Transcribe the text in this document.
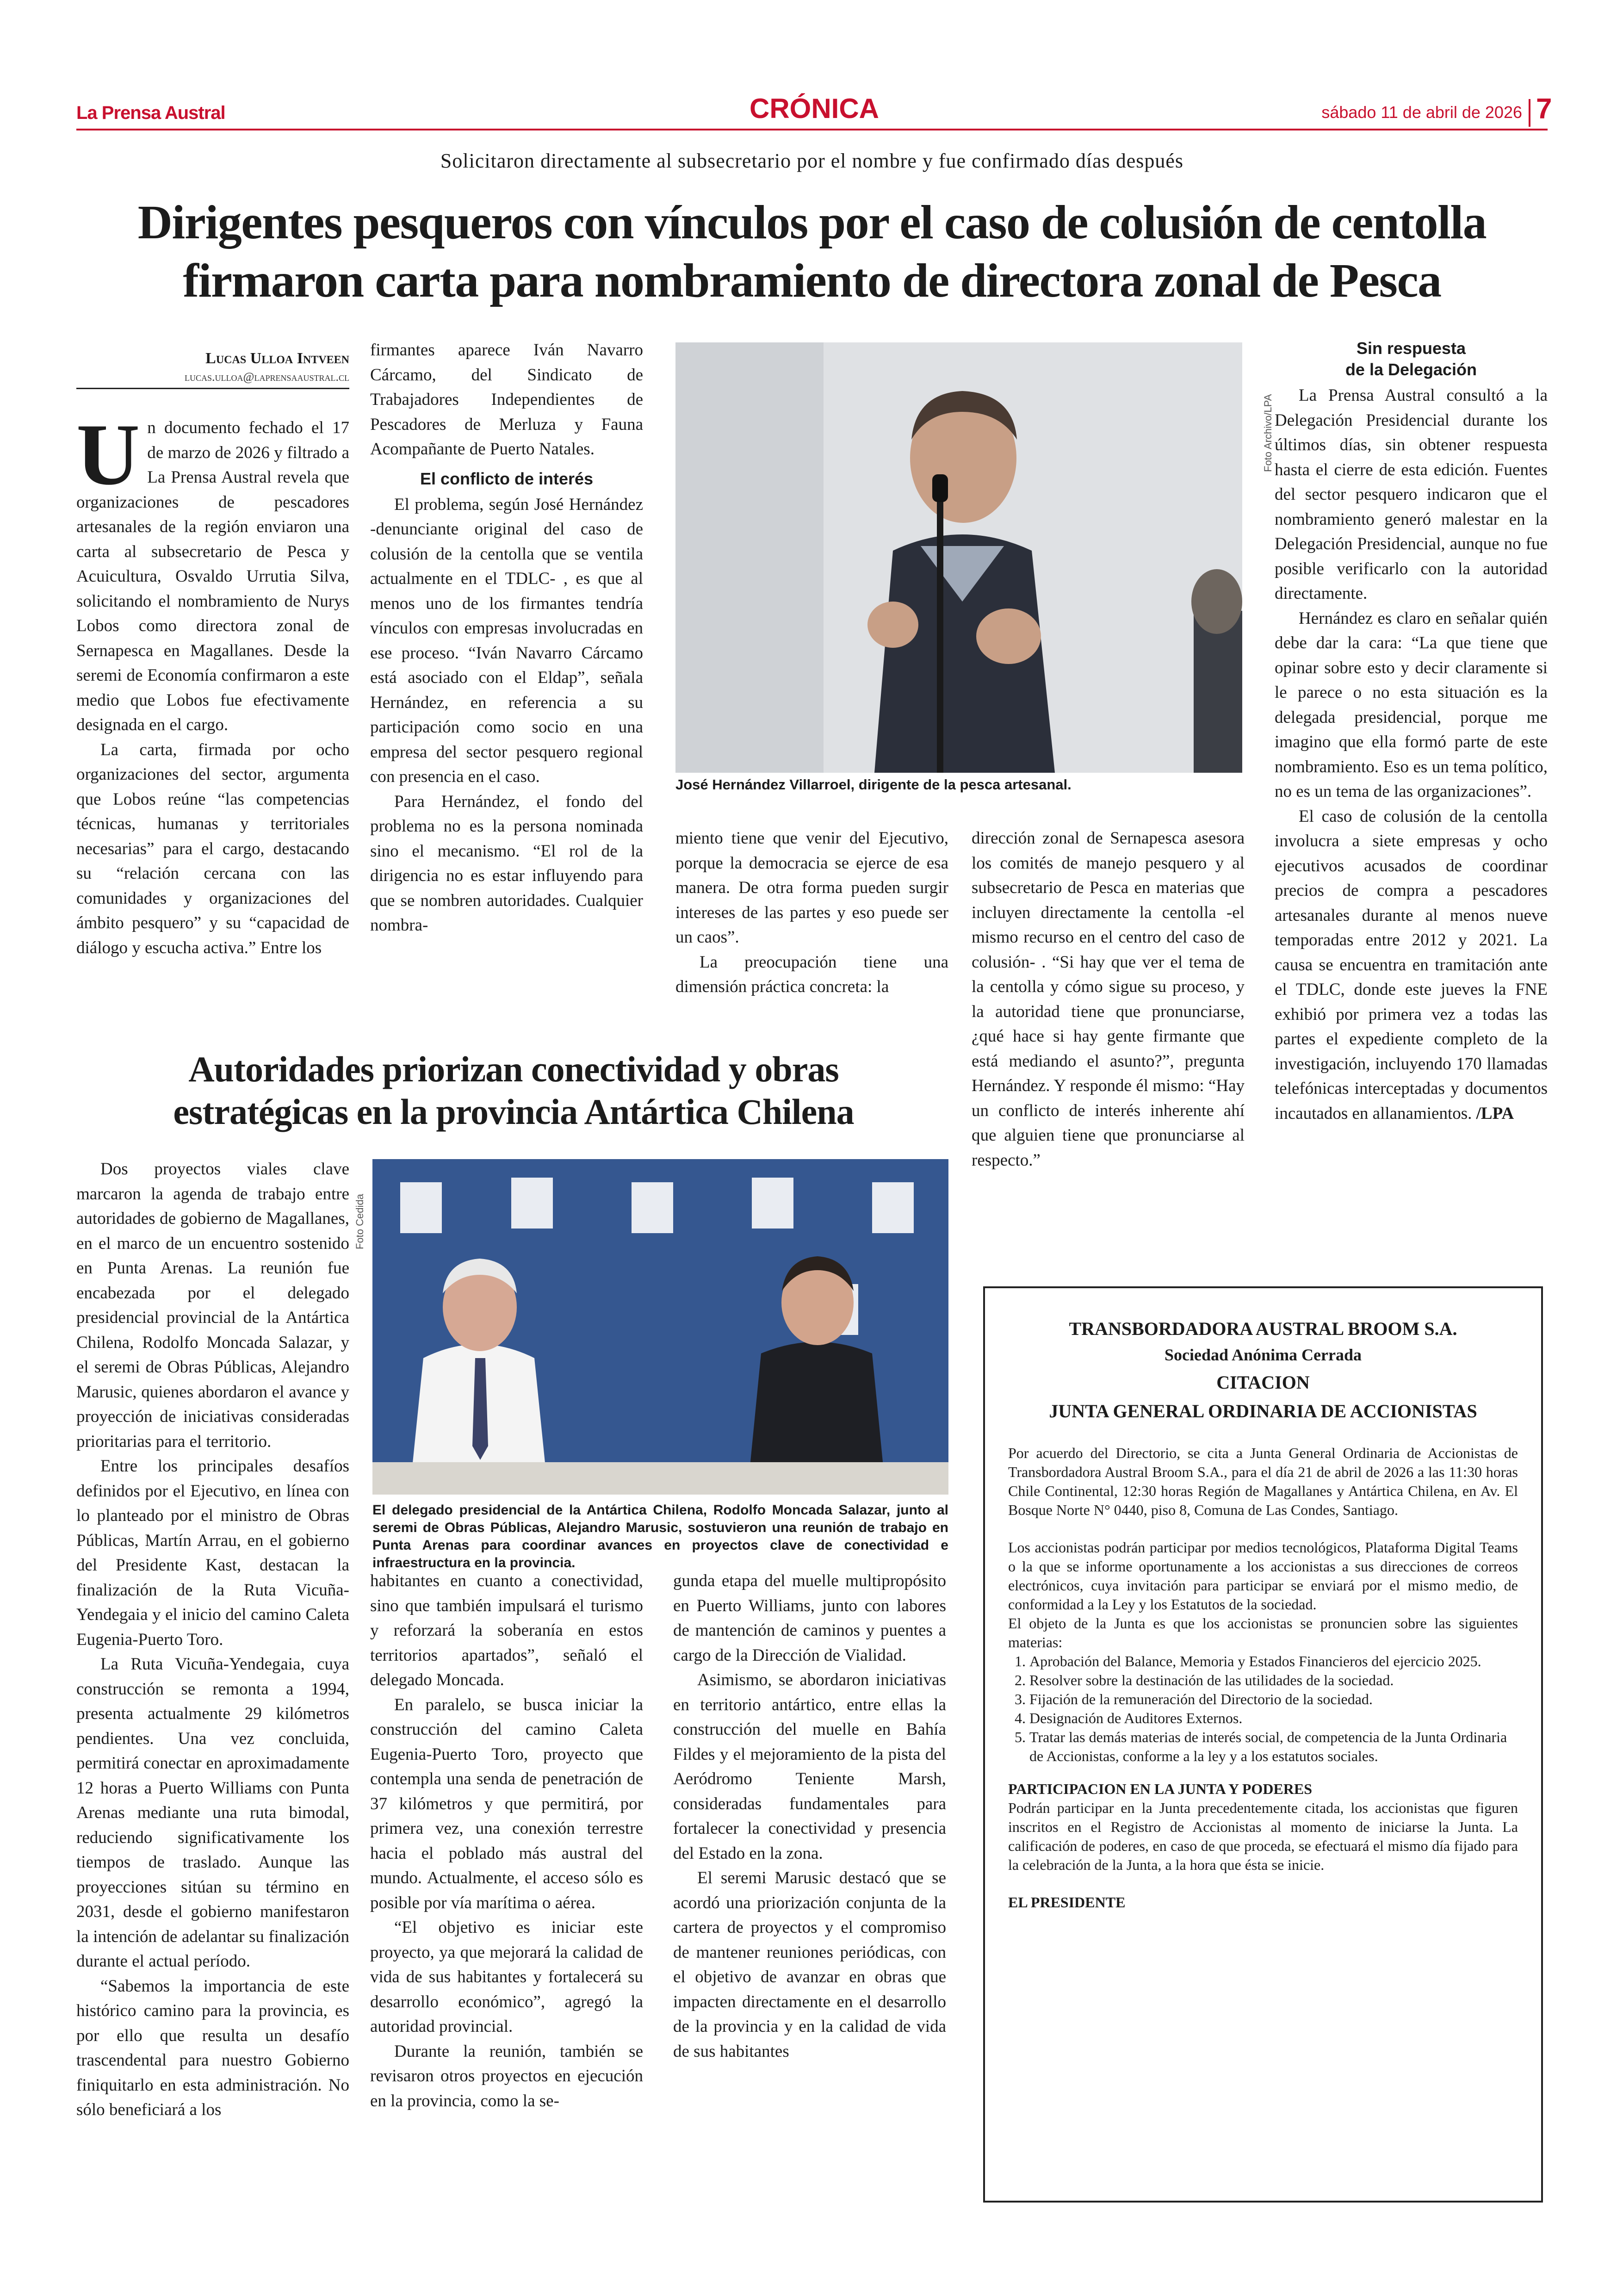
La Prensa Austral	CRÓNICA	sábado 11 de abril de 2026 7
Solicitaron directamente al subsecretario por el nombre y fue confirmado días después
Dirigentes pesqueros con vínculos por el caso de colusión de centolla
firmaron carta para nombramiento de directora zonal de Pesca
Lucas Ulloa Intveen
lucas.ulloa@laprensaaustral.cl
U n documento fechado el 17 de marzo de 2026 y filtrado a La Prensa Austral revela que organizaciones de pescadores artesanales de la región enviaron una carta al subsecretario de Pesca y Acuicultura, Osvaldo Urrutia Silva, solicitando el nombramiento de Nurys Lobos como directora zonal de Sernapesca en Magallanes. Desde la seremi de Economía confirmaron a este medio que Lobos fue efectivamente designada en el cargo.

La carta, firmada por ocho organizaciones del sector, argumenta que Lobos reúne “las competencias técnicas, humanas y territoriales necesarias” para el cargo, destacando su “relación cercana con las comunidades y organizaciones del ámbito pesquero” y su “capacidad de diálogo y escucha activa.” Entre los

firmantes aparece Iván Navarro Cárcamo, del Sindicato de Trabajadores Independientes de Pescadores de Merluza y Fauna Acompañante de Puerto Natales.

El conflicto de interés

El problema, según José Hernández -denunciante original del caso de colusión de la centolla que se ventila actualmente en el TDLC- , es que al menos uno de los firmantes tendría vínculos con empresas involucradas en ese proceso. “Iván Navarro Cárcamo está asociado con el Eldap”, señala Hernández, en referencia a su participación como socio en una empresa del sector pesquero regional con presencia en el caso.

Para Hernández, el fondo del problema no es la persona nominada sino el mecanismo. “El rol de la dirigencia no es estar influyendo para que se nombren autoridades. Cualquier nombra-

Foto Archivo/LPA
José Hernández Villarroel, dirigente de la pesca artesanal.

miento tiene que venir del Ejecutivo, porque la democracia se ejerce de esa manera. De otra forma pueden surgir intereses de las partes y eso puede ser un caos”.

La preocupación tiene una dimensión práctica concreta: la

dirección zonal de Sernapesca asesora los comités de manejo pesquero y al subsecretario de Pesca en materias que incluyen directamente la centolla -el mismo recurso en el centro del caso de colusión- . “Si hay que ver el tema de la centolla y cómo sigue su proceso, y la autoridad tiene que pronunciarse, ¿qué hace si hay gente firmante que está mediando el asunto?”, pregunta Hernández. Y responde él mismo: “Hay un conflicto de interés inherente ahí que alguien tiene que pronunciarse al respecto.”

Sin respuesta
de la Delegación

La Prensa Austral consultó a la Delegación Presidencial durante los últimos días, sin obtener respuesta hasta el cierre de esta edición. Fuentes del sector pesquero indicaron que el nombramiento generó malestar en la Delegación Presidencial, aunque no fue posible verificarlo con la autoridad directamente.

Hernández es claro en señalar quién debe dar la cara: “La que tiene que opinar sobre esto y decir claramente si le parece o no esta situación es la delegada presidencial, porque me imagino que ella formó parte de este nombramiento. Eso es un tema político, no es un tema de las organizaciones”.

El caso de colusión de la centolla involucra a siete empresas y ocho ejecutivos acusados de coordinar precios de compra a pescadores artesanales durante al menos nueve temporadas entre 2012 y 2021. La causa se encuentra en tramitación ante el TDLC, donde este jueves la FNE exhibió por primera vez a todas las partes el expediente completo de la investigación, incluyendo 170 llamadas telefónicas interceptadas y documentos incautados en allanamientos. /LPA

Autoridades priorizan conectividad y obras
estratégicas en la provincia Antártica Chilena

Dos proyectos viales clave marcaron la agenda de trabajo entre autoridades de gobierno de Magallanes, en el marco de un encuentro sostenido en Punta Arenas. La reunión fue encabezada por el delegado presidencial provincial de la Antártica Chilena, Rodolfo Moncada Salazar, y el seremi de Obras Públicas, Alejandro Marusic, quienes abordaron el avance y proyección de iniciativas consideradas prioritarias para el territorio.

Entre los principales desafíos definidos por el Ejecutivo, en línea con lo planteado por el ministro de Obras Públicas, Martín Arrau, en el gobierno del Presidente Kast, destacan la finalización de la Ruta Vicuña-Yendegaia y el inicio del camino Caleta Eugenia-Puerto Toro.

La Ruta Vicuña-Yendegaia, cuya construcción se remonta a 1994, presenta actualmente 29 kilómetros pendientes. Una vez concluida, permitirá conectar en aproximadamente 12 horas a Puerto Williams con Punta Arenas mediante una ruta bimodal, reduciendo significativamente los tiempos de traslado. Aunque las proyecciones sitúan su término en 2031, desde el gobierno manifestaron la intención de adelantar su finalización durante el actual período.

“Sabemos la importancia de este histórico camino para la provincia, es por ello que resulta un desafío trascendental para nuestro Gobierno finiquitarlo en esta administración. No sólo beneficiará a los

Foto Cedida
El delegado presidencial de la Antártica Chilena, Rodolfo Moncada Salazar, junto al seremi de Obras Públicas, Alejandro Marusic, sostuvieron una reunión de trabajo en Punta Arenas para coordinar avances en proyectos clave de conectividad e infraestructura en la provincia.

habitantes en cuanto a conectividad, sino que también impulsará el turismo y reforzará la soberanía en estos territorios apartados”, señaló el delegado Moncada.

En paralelo, se busca iniciar la construcción del camino Caleta Eugenia-Puerto Toro, proyecto que contempla una senda de penetración de 37 kilómetros y que permitirá, por primera vez, una conexión terrestre hacia el poblado más austral del mundo. Actualmente, el acceso sólo es posible por vía marítima o aérea.

“El objetivo es iniciar este proyecto, ya que mejorará la calidad de vida de sus habitantes y fortalecerá su desarrollo económico”, agregó la autoridad provincial.

Durante la reunión, también se revisaron otros proyectos en ejecución en la provincia, como la se-

gunda etapa del muelle multipropósito en Puerto Williams, junto con labores de mantención de caminos y puentes a cargo de la Dirección de Vialidad.

Asimismo, se abordaron iniciativas en territorio antártico, entre ellas la construcción del muelle en Bahía Fildes y el mejoramiento de la pista del Aeródromo Teniente Marsh, consideradas fundamentales para fortalecer la conectividad y presencia del Estado en la zona.

El seremi Marusic destacó que se acordó una priorización conjunta de la cartera de proyectos y el compromiso de mantener reuniones periódicas, con el objetivo de avanzar en obras que impacten directamente en el desarrollo de la provincia y en la calidad de vida de sus habitantes

TRANSBORDADORA AUSTRAL BROOM S.A.
Sociedad Anónima Cerrada
CITACION
JUNTA GENERAL ORDINARIA DE ACCIONISTAS

Por acuerdo del Directorio, se cita a Junta General Ordinaria de Accionistas de Transbordadora Austral Broom S.A., para el día 21 de abril de 2026 a las 11:30 horas Chile Continental, 12:30 horas Región de Magallanes y Antártica Chilena, en Av. El Bosque Norte N° 0440, piso 8, Comuna de Las Condes, Santiago.

Los accionistas podrán participar por medios tecnológicos, Plataforma Digital Teams o la que se informe oportunamente a los accionistas a sus direcciones de correos electrónicos, cuya invitación para participar se enviará por el mismo medio, de conformidad a la Ley y los Estatutos de la sociedad.

El objeto de la Junta es que los accionistas se pronuncien sobre las siguientes materias:

1. Aprobación del Balance, Memoria y Estados Financieros del ejercicio 2025.
2. Resolver sobre la destinación de las utilidades de la sociedad.
3. Fijación de la remuneración del Directorio de la sociedad.
4. Designación de Auditores Externos.
5. Tratar las demás materias de interés social, de competencia de la Junta Ordinaria de Accionistas, conforme a la ley y a los estatutos sociales.
PARTICIPACION EN LA JUNTA Y PODERES

Podrán participar en la Junta precedentemente citada, los accionistas que figuren inscritos en el Registro de Accionistas al momento de iniciarse la Junta. La calificación de poderes, en caso de que proceda, se efectuará el mismo día fijado para la celebración de la Junta, a la hora que ésta se inicie.

EL PRESIDENTE
